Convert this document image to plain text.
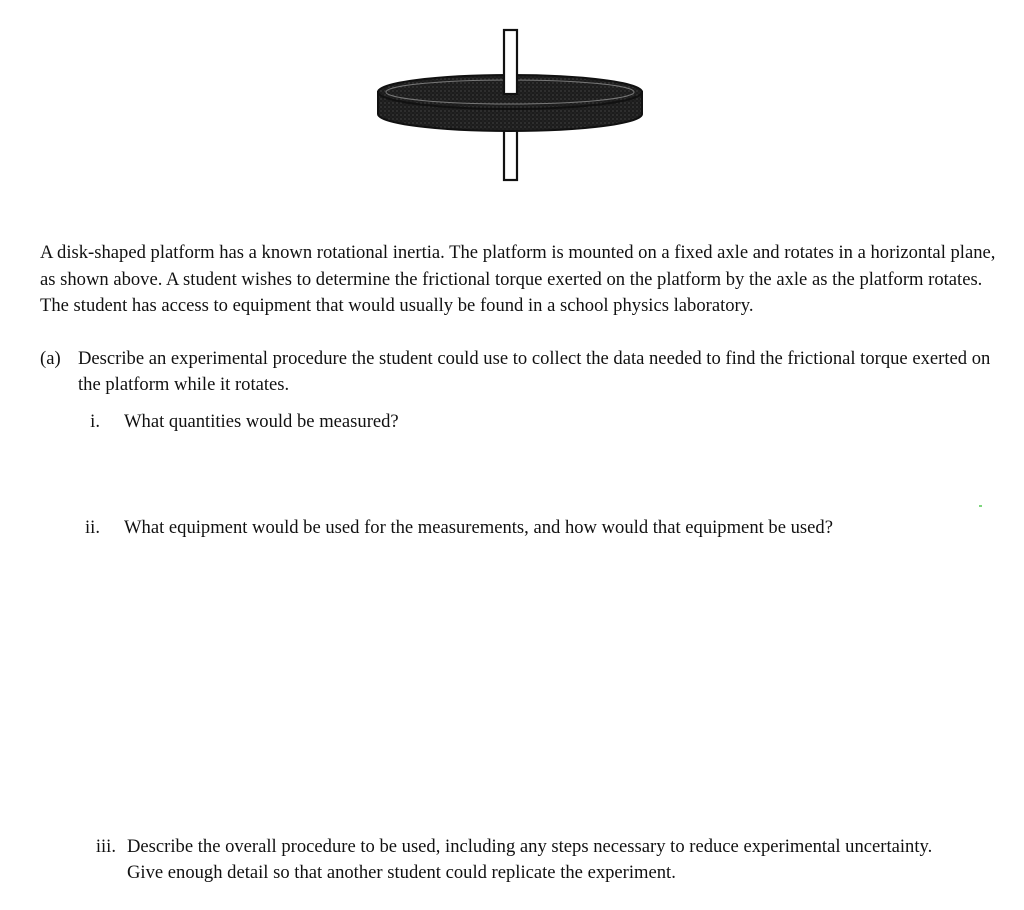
A disk-shaped platform has a known rotational inertia. The platform is mounted on a fixed axle and rotates in a horizontal plane, as shown above. A student wishes to determine the frictional torque exerted on the platform by the axle as the platform rotates. The student has access to equipment that would usually be found in a school physics laboratory.

(a) Describe an experimental procedure the student could use to collect the data needed to find the frictional torque exerted on the platform while it rotates.
i. What quantities would be measured?
ii. What equipment would be used for the measurements, and how would that equipment be used?
iii. Describe the overall procedure to be used, including any steps necessary to reduce experimental uncertainty. Give enough detail so that another student could replicate the experiment.
